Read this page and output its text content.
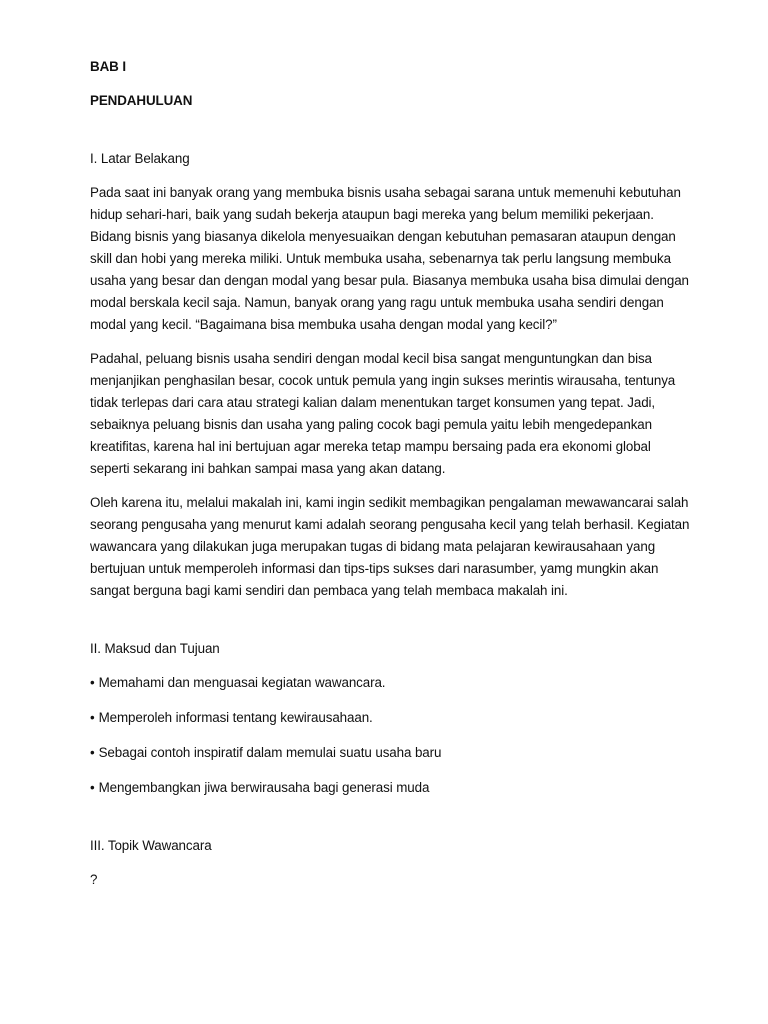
BAB I

PENDAHULUAN

I. Latar Belakang

Pada saat ini banyak orang yang membuka bisnis usaha sebagai sarana untuk memenuhi kebutuhan hidup sehari-hari, baik yang sudah bekerja ataupun bagi mereka yang belum memiliki pekerjaan. Bidang bisnis yang biasanya dikelola menyesuaikan dengan kebutuhan pemasaran ataupun dengan skill dan hobi yang mereka miliki. Untuk membuka usaha, sebenarnya tak perlu langsung membuka usaha yang besar dan dengan modal yang besar pula. Biasanya membuka usaha bisa dimulai dengan modal berskala kecil saja. Namun, banyak orang yang ragu untuk membuka usaha sendiri dengan modal yang kecil. “Bagaimana bisa membuka usaha dengan modal yang kecil?”

Padahal, peluang bisnis usaha sendiri dengan modal kecil bisa sangat menguntungkan dan bisa menjanjikan penghasilan besar, cocok untuk pemula yang ingin sukses merintis wirausaha, tentunya tidak terlepas dari cara atau strategi kalian dalam menentukan target konsumen yang tepat. Jadi, sebaiknya peluang bisnis dan usaha yang paling cocok bagi pemula yaitu lebih mengedepankan kreatifitas, karena hal ini bertujuan agar mereka tetap mampu bersaing pada era ekonomi global seperti sekarang ini bahkan sampai masa yang akan datang.

Oleh karena itu, melalui makalah ini, kami ingin sedikit membagikan pengalaman mewawancarai salah seorang pengusaha yang menurut kami adalah seorang pengusaha kecil yang telah berhasil. Kegiatan wawancara yang dilakukan juga merupakan tugas di bidang mata pelajaran kewirausahaan yang bertujuan untuk memperoleh informasi dan tips-tips sukses dari narasumber, yamg mungkin akan sangat berguna bagi kami sendiri dan pembaca yang telah membaca makalah ini.

II. Maksud dan Tujuan

• Memahami dan menguasai kegiatan wawancara.

• Memperoleh informasi tentang kewirausahaan.

• Sebagai contoh inspiratif dalam memulai suatu usaha baru

• Mengembangkan jiwa berwirausaha bagi generasi muda

III. Topik Wawancara

?
